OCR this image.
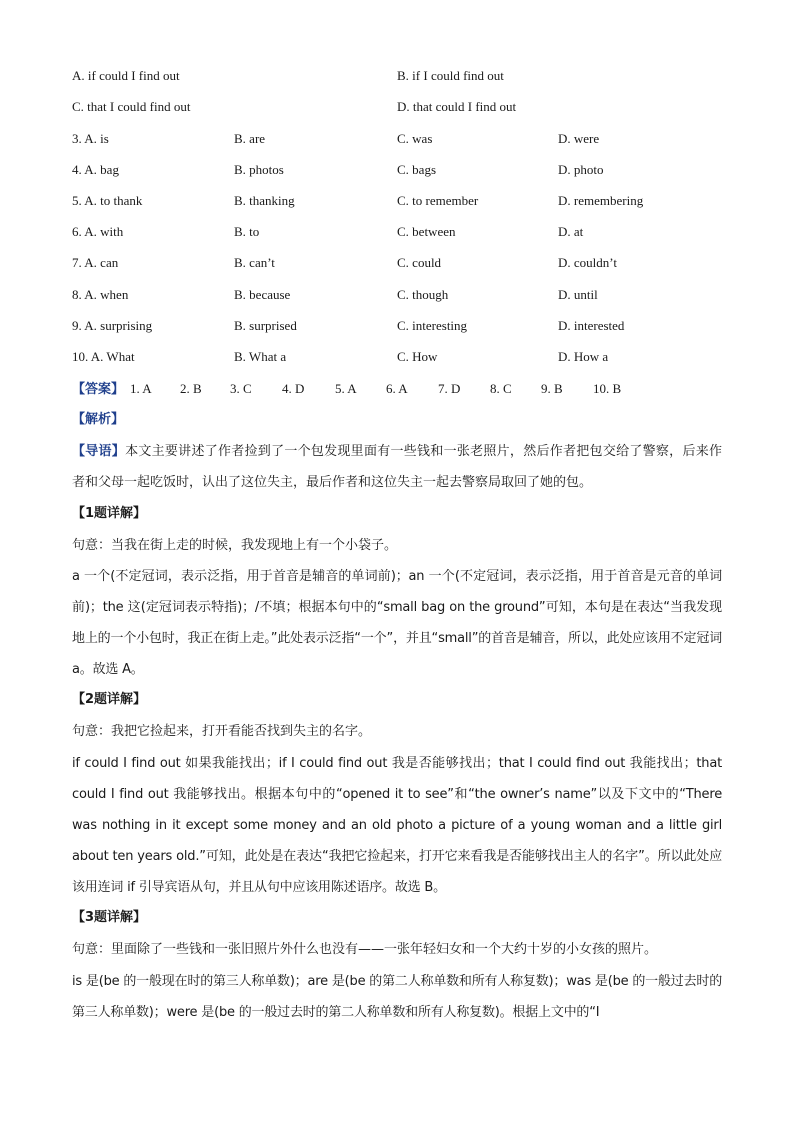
A. if could I find out	B. if I could find out
C. that I could find out	D. that could I find out
3. A. is	B. are	C. was	D. were
4. A. bag	B. photos	C. bags	D. photo
5. A. to thank	B. thanking	C. to remember	D. remembering
6. A. with	B. to	C. between	D. at
7. A. can	B. can’t	C. could	D. couldn’t
8. A. when	B. because	C. though	D. until
9. A. surprising	B. surprised	C. interesting	D. interested
10. A. What	B. What a	C. How	D. How a
【答案】 1. A 2. B 3. C 4. D 5. A 6. A 7. D 8. C 9. B 10. B
【解析】
【导语】本文主要讲述了作者捡到了一个包发现里面有一些钱和一张老照片，然后作者把包交给了警察，后来作者和父母一起吃饭时，认出了这位失主，最后作者和这位失主一起去警察局取回了她的包。
【1题详解】
句意：当我在街上走的时候，我发现地上有一个小袋子。
a 一个(不定冠词，表示泛指，用于首音是辅音的单词前)；an 一个(不定冠词，表示泛指，用于首音是元音的单词前)；the 这(定冠词表示特指)；/不填；根据本句中的“small bag on the ground”可知，本句是在表达“当我发现地上的一个小包时，我正在街上走。”此处表示泛指“一个”，并且“small”的首音是辅音，所以，此处应该用不定冠词 a。故选 A。
【2题详解】
句意：我把它捡起来，打开看能否找到失主的名字。
if could I find out 如果我能找出；if I could find out 我是否能够找出；that I could find out 我能找出；that could I find out 我能够找出。根据本句中的“opened it to see”和“the owner’s name”以及下文中的“There was nothing in it except some money and an old photo a picture of a young woman and a little girl about ten years old.”可知，此处是在表达“我把它捡起来，打开它来看我是否能够找出主人的名字”。所以此处应该用连词 if 引导宾语从句，并且从句中应该用陈述语序。故选 B。
【3题详解】
句意：里面除了一些钱和一张旧照片外什么也没有——一张年轻妇女和一个大约十岁的小女孩的照片。
is 是(be 的一般现在时的第三人称单数)；are 是(be 的第二人称单数和所有人称复数)；was 是(be 的一般过去时的第三人称单数)；were 是(be 的一般过去时的第二人称单数和所有人称复数)。根据上文中的“I
